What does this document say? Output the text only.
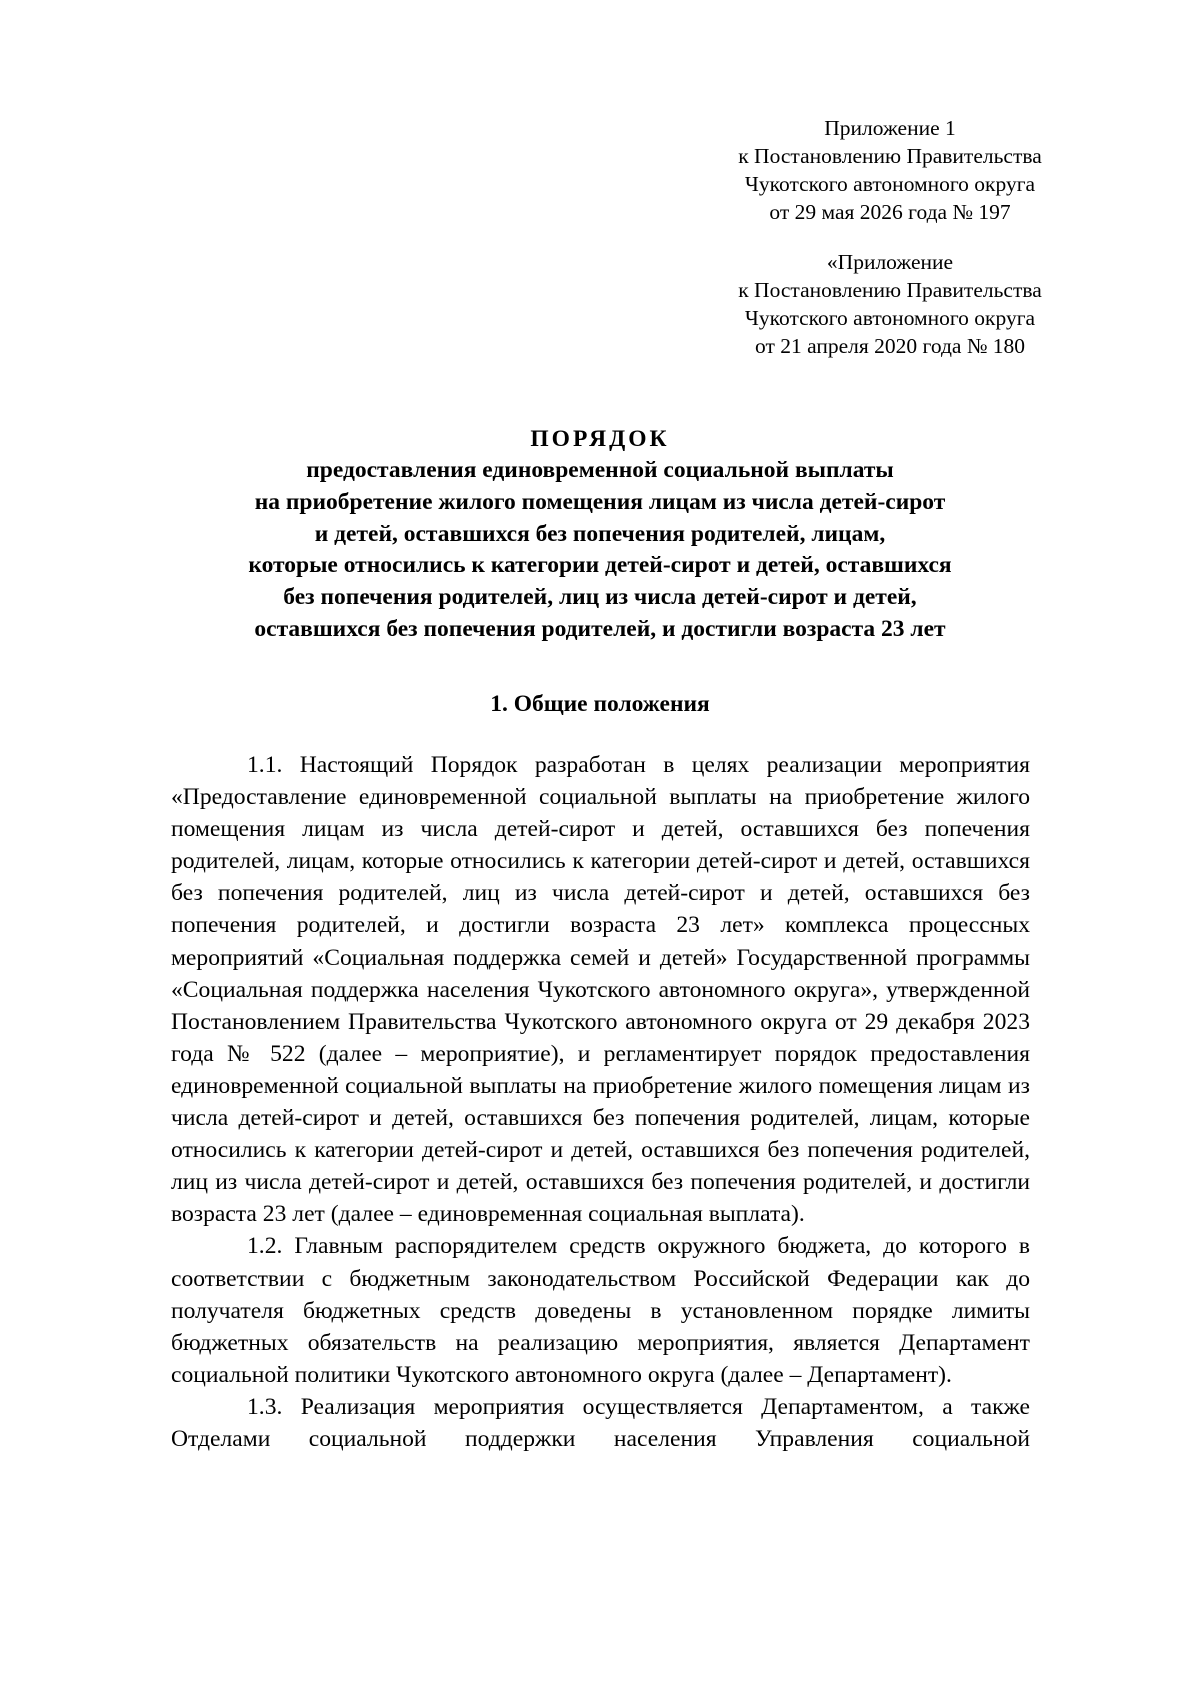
Приложение 1
к Постановлению Правительства
Чукотского автономного округа
от 29 мая 2026 года № 197
«Приложение
к Постановлению Правительства
Чукотского автономного округа
от 21 апреля 2020 года № 180
ПОРЯДОК
предоставления единовременной социальной выплаты
на приобретение жилого помещения лицам из числа детей-сирот
и детей, оставшихся без попечения родителей, лицам,
которые относились к категории детей-сирот и детей, оставшихся
без попечения родителей, лиц из числа детей-сирот и детей,
оставшихся без попечения родителей, и достигли возраста 23 лет
1. Общие положения

1.1. Настоящий Порядок разработан в целях реализации мероприятия «Предоставление единовременной социальной выплаты на приобретение жилого помещения лицам из числа детей-сирот и детей, оставшихся без попечения родителей, лицам, которые относились к категории детей-сирот и детей, оставшихся без попечения родителей, лиц из числа детей-сирот и детей, оставшихся без попечения родителей, и достигли возраста 23 лет» комплекса процессных мероприятий «Социальная поддержка семей и детей» Государственной программы «Социальная поддержка населения Чукотского автономного округа», утвержденной Постановлением Правительства Чукотского автономного округа от 29 декабря 2023 года № 522 (далее – мероприятие), и регламентирует порядок предоставления единовременной социальной выплаты на приобретение жилого помещения лицам из числа детей-сирот и детей, оставшихся без попечения родителей, лицам, которые относились к категории детей-сирот и детей, оставшихся без попечения родителей, лиц из числа детей-сирот и детей, оставшихся без попечения родителей, и достигли возраста 23 лет (далее – единовременная социальная выплата).

1.2. Главным распорядителем средств окружного бюджета, до которого в соответствии с бюджетным законодательством Российской Федерации как до получателя бюджетных средств доведены в установленном порядке лимиты бюджетных обязательств на реализацию мероприятия, является Департамент социальной политики Чукотского автономного округа (далее – Департамент).

1.3. Реализация мероприятия осуществляется Департаментом, а также Отделами социальной поддержки населения Управления социальной
